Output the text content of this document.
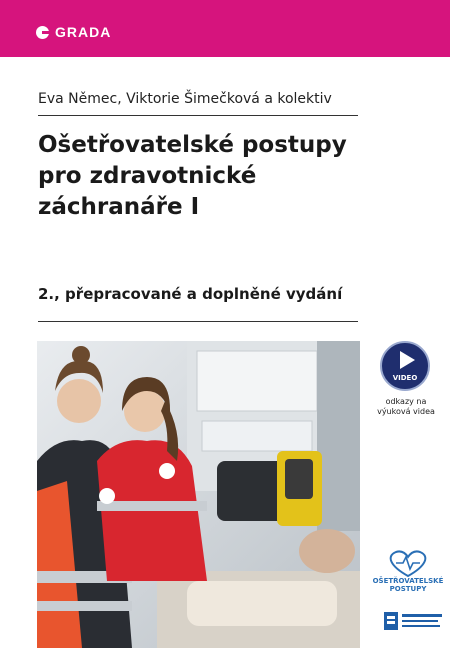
GRADA
Eva Němec, Viktorie Šimečková a kolektiv
Ošetřovatelské postupy
pro zdravotnické
záchranáře I
2., přepracované a doplněné vydání
VIDEO
odkazy na výuková videa
OŠETŘOVATELSKÉ POSTUPY
